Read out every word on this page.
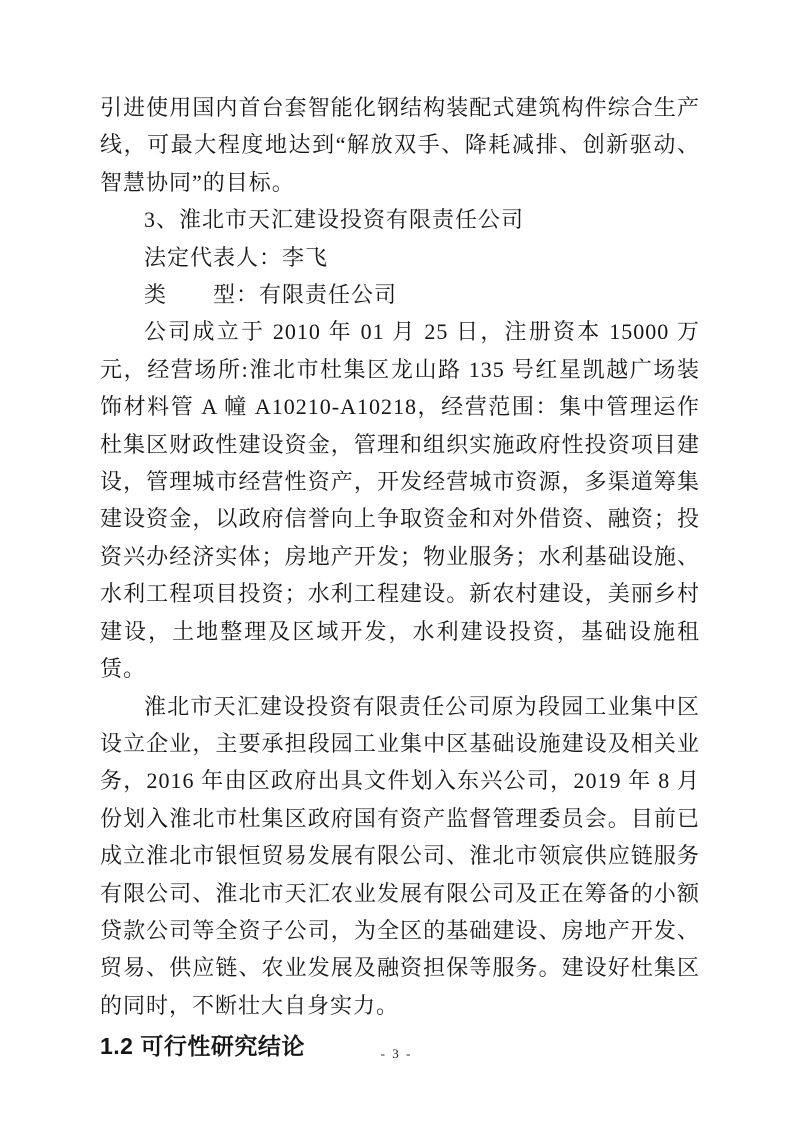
引进使用国内首台套智能化钢结构装配式建筑构件综合生产线，可最大程度地达到“解放双手、降耗减排、创新驱动、智慧协同”的目标。

3、淮北市天汇建设投资有限责任公司

法定代表人：李飞

类　　型：有限责任公司

公司成立于 2010 年 01 月 25 日，注册资本 15000 万元，经营场所:淮北市杜集区龙山路 135 号红星凯越广场装饰材料管 A 幢 A10210-A10218，经营范围：集中管理运作杜集区财政性建设资金，管理和组织实施政府性投资项目建设，管理城市经营性资产，开发经营城市资源，多渠道筹集建设资金，以政府信誉向上争取资金和对外借资、融资；投资兴办经济实体；房地产开发；物业服务；水利基础设施、水利工程项目投资；水利工程建设。新农村建设，美丽乡村建设，土地整理及区域开发，水利建设投资，基础设施租赁。

淮北市天汇建设投资有限责任公司原为段园工业集中区设立企业，主要承担段园工业集中区基础设施建设及相关业务，2016 年由区政府出具文件划入东兴公司，2019 年 8 月份划入淮北市杜集区政府国有资产监督管理委员会。目前已成立淮北市银恒贸易发展有限公司、淮北市领宸供应链服务有限公司、淮北市天汇农业发展有限公司及正在筹备的小额贷款公司等全资子公司，为全区的基础建设、房地产开发、贸易、供应链、农业发展及融资担保等服务。建设好杜集区的同时，不断壮大自身实力。

1.2 可行性研究结论	- 3 -
